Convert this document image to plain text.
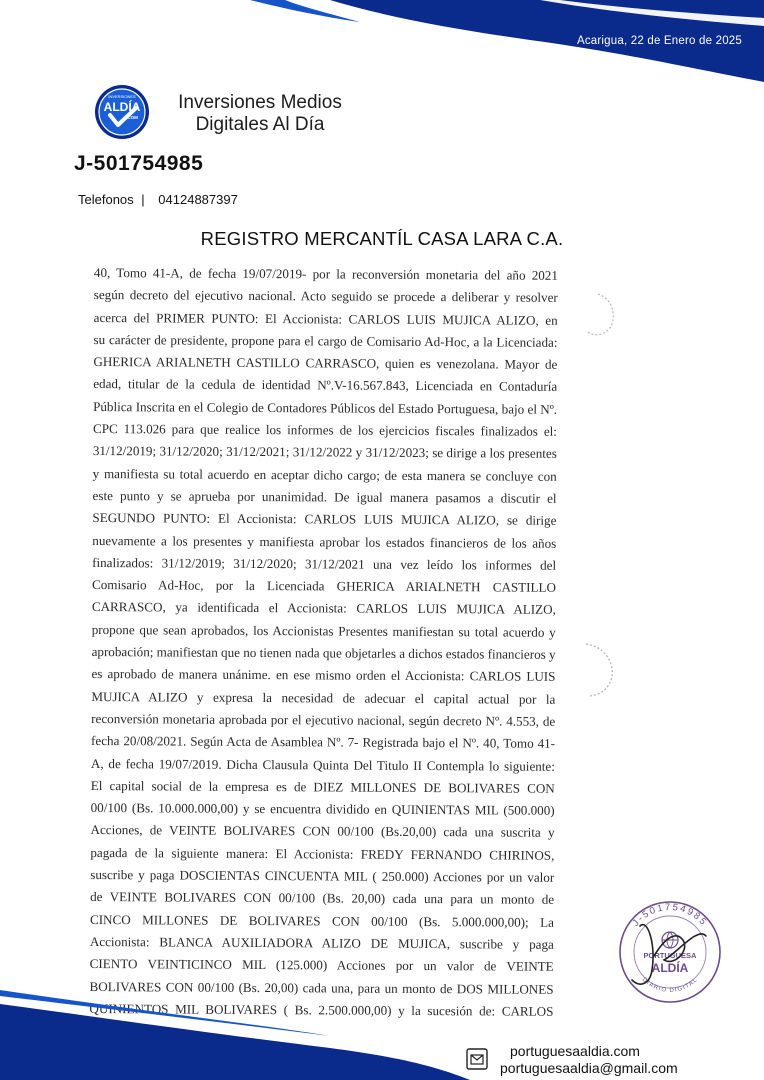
Acarigua, 22 de Enero de 2025
INVERSIONES
ALDÍA
.COM
Inversiones Medios
Digitales Al Día
J-501754985
Telefonos | 04124887397
REGISTRO MERCANTÍL CASA LARA C.A.
40, Tomo 41-A, de fecha 19/07/2019- por la reconversión monetaria del año 2021
según decreto del ejecutivo nacional. Acto seguido se procede a deliberar y resolver
acerca del PRIMER PUNTO: El Accionista: CARLOS LUIS MUJICA ALIZO, en
su carácter de presidente, propone para el cargo de Comisario Ad-Hoc, a la Licenciada:
GHERICA ARIALNETH CASTILLO CARRASCO, quien es venezolana. Mayor de
edad, titular de la cedula de identidad Nº.V-16.567.843, Licenciada en Contaduría
Pública Inscrita en el Colegio de Contadores Públicos del Estado Portuguesa, bajo el Nº.
CPC 113.026 para que realice los informes de los ejercicios fiscales finalizados el:
31/12/2019; 31/12/2020; 31/12/2021; 31/12/2022 y 31/12/2023; se dirige a los presentes
y manifiesta su total acuerdo en aceptar dicho cargo; de esta manera se concluye con
este punto y se aprueba por unanimidad. De igual manera pasamos a discutir el
SEGUNDO PUNTO: El Accionista: CARLOS LUIS MUJICA ALIZO, se dirige
nuevamente a los presentes y manifiesta aprobar los estados financieros de los años
finalizados: 31/12/2019; 31/12/2020; 31/12/2021 una vez leído los informes del
Comisario Ad-Hoc, por la Licenciada GHERICA ARIALNETH CASTILLO
CARRASCO, ya identificada el Accionista: CARLOS LUIS MUJICA ALIZO,
propone que sean aprobados, los Accionistas Presentes manifiestan su total acuerdo y
aprobación; manifiestan que no tienen nada que objetarles a dichos estados financieros y
es aprobado de manera unánime. en ese mismo orden el Accionista: CARLOS LUIS
MUJICA ALIZO y expresa la necesidad de adecuar el capital actual por la
reconversión monetaria aprobada por el ejecutivo nacional, según decreto Nº. 4.553, de
fecha 20/08/2021. Según Acta de Asamblea Nº. 7- Registrada bajo el Nº. 40, Tomo 41-
A, de fecha 19/07/2019. Dicha Clausula Quinta Del Titulo II Contempla lo siguiente:
El capital social de la empresa es de DIEZ MILLONES DE BOLIVARES CON
00/100 (Bs. 10.000.000,00) y se encuentra dividido en QUINIENTAS MIL (500.000)
Acciones, de VEINTE BOLIVARES CON 00/100 (Bs.20,00) cada una suscrita y
pagada de la siguiente manera: El Accionista: FREDY FERNANDO CHIRINOS,
suscribe y paga DOSCIENTAS CINCUENTA MIL ( 250.000) Acciones por un valor
de VEINTE BOLIVARES CON 00/100 (Bs. 20,00) cada una para un monto de
CINCO MILLONES DE BOLIVARES CON 00/100 (Bs. 5.000.000,00); La
Accionista: BLANCA AUXILIADORA ALIZO DE MUJICA, suscribe y paga
CIENTO VEINTICINCO MIL (125.000) Acciones por un valor de VEINTE
BOLIVARES CON 00/100 (Bs. 20,00) cada una, para un monto de DOS MILLONES
QUINIENTOS MIL BOLIVARES ( Bs. 2.500.000,00) y la sucesión de: CARLOS
J-501754985
DIARIO DIGITAL
PORTUGUESA
ALDÍA
portuguesaaldia.com
portuguesaaldia@gmail.com
